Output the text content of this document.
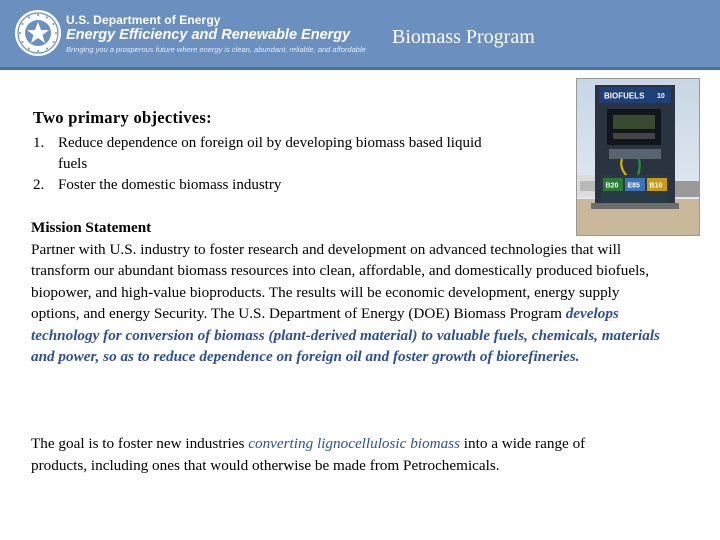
U.S. Department of Energy
Energy Efficiency and Renewable Energy
Bringing you a prosperous future where energy is clean, abundant, reliable, and affordable
Biomass Program
BIOFUELS 10
B20 E85 B10
Two primary objectives:
1. Reduce dependence on foreign oil by developing biomass based liquid fuels
2. Foster the domestic biomass industry
Mission Statement
Partner with U.S. industry to foster research and development on advanced technologies that will transform our abundant biomass resources into clean, affordable, and domestically produced biofuels, biopower, and high-value bioproducts. The results will be economic development, energy supply options, and energy Security. The U.S. Department of Energy (DOE) Biomass Program develops technology for conversion of biomass (plant-derived material) to valuable fuels, chemicals, materials and power, so as to reduce dependence on foreign oil and foster growth of biorefineries.
The goal is to foster new industries converting lignocellulosic biomass into a wide range of products, including ones that would otherwise be made from Petrochemicals.
